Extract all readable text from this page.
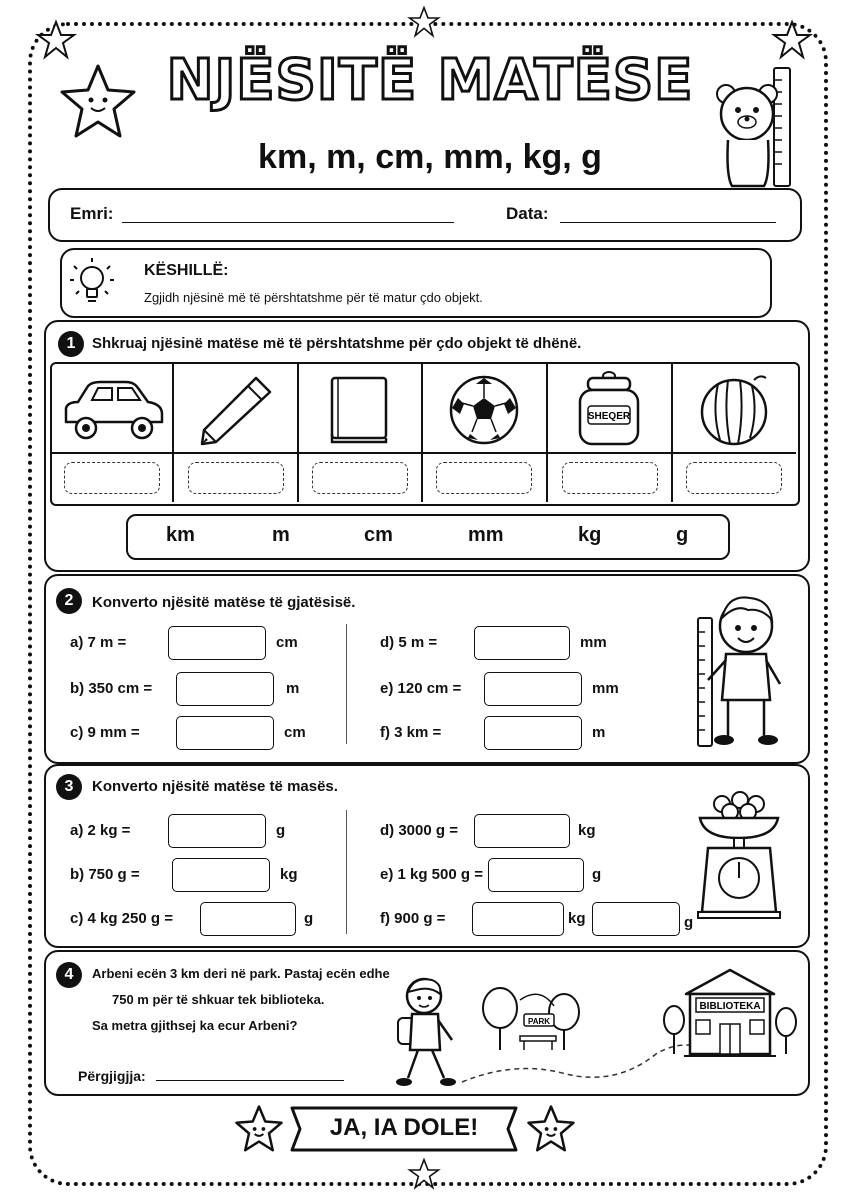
NJËSITË MATËSE
km, m, cm, mm, kg, g
Emri:	Data:
KËSHILLË:
Zgjidh njësinë më të përshtatshme për të matur çdo objekt.
1	Shkruaj njësinë matëse më të përshtatshme për çdo objekt të dhënë.
SHEQER
km	m	cm	mm	kg	g
2	Konverto njësitë matëse të gjatësisë.
a) 7 m =	cm
b) 350 cm =	m
c) 9 mm =	cm
d) 5 m =	mm
e) 120 cm =	mm
f) 3 km =	m
3	Konverto njësitë matëse të masës.
a) 2 kg =	g
b) 750 g =	kg
c) 4 kg 250 g =	g
d) 3000 g =	kg
e) 1 kg 500 g =	g
f) 900 g =	kg	g
4	Arbeni ecën 3 km deri në park. Pastaj ecën edhe
750 m për të shkuar tek biblioteka.
Sa metra gjithsej ka ecur Arbeni?
Përgjigjja:
PARK
BIBLIOTEKA
JA, IA DOLE!
